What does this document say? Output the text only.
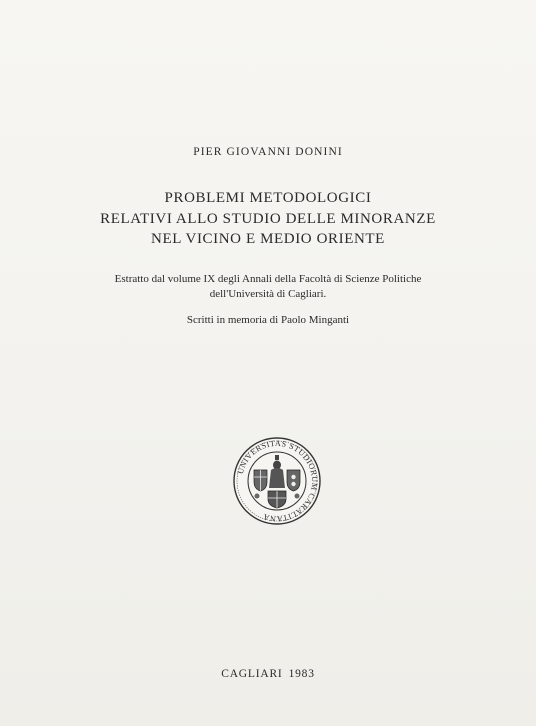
PIER GIOVANNI DONINI
PROBLEMI METODOLOGICI
RELATIVI ALLO STUDIO DELLE MINORANZE
NEL VICINO E MEDIO ORIENTE
Estratto dal volume IX degli Annali della Facoltà di Scienze Politiche
dell'Università di Cagliari.
Scritti in memoria di Paolo Minganti
UNIVERSITAS STUDIORUM CARALITANA
CAGLIARI 1983
